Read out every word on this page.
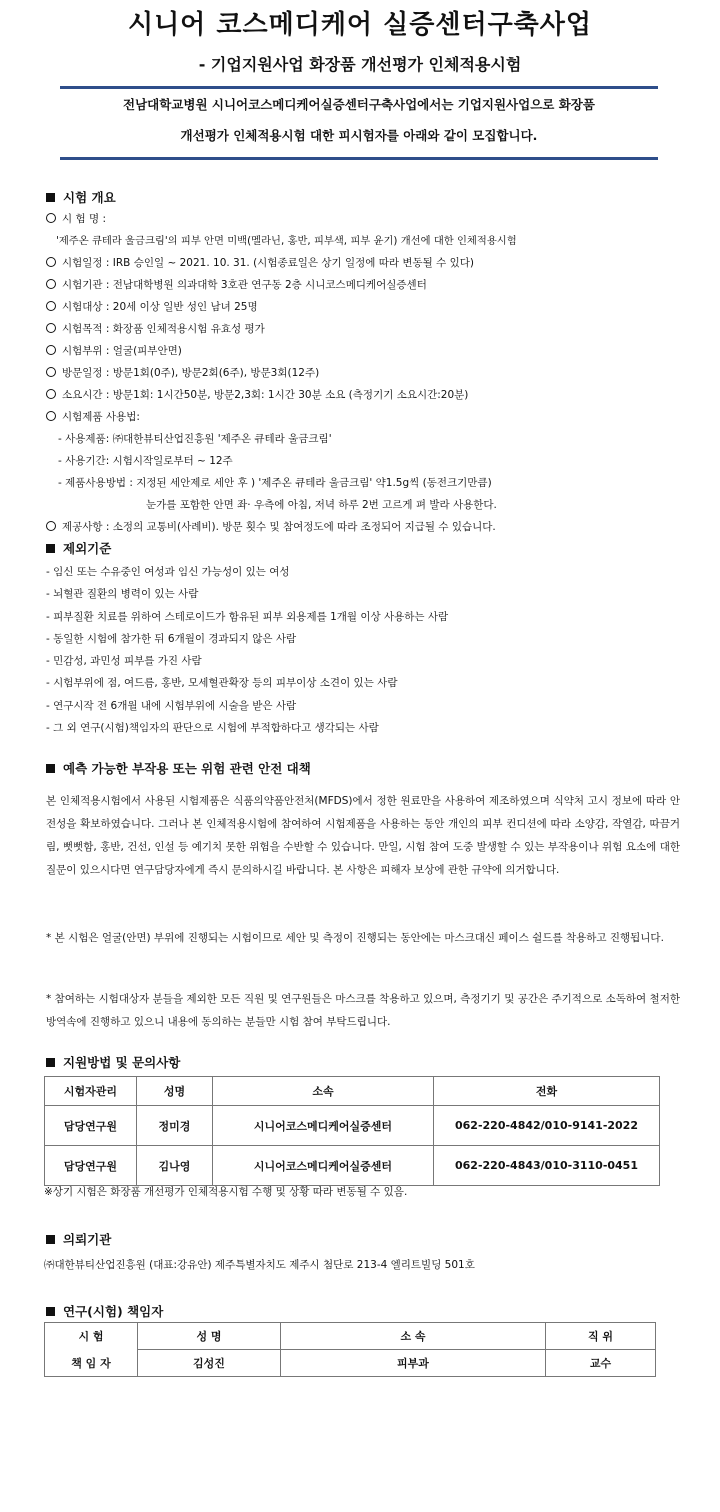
시니어 코스메디케어 실증센터구축사업
- 기업지원사업 화장품 개선평가 인체적용시험
전남대학교병원 시니어코스메디케어실증센터구축사업에서는 기업지원사업으로 화장품
개선평가 인체적용시험 대한 피시험자를 아래와 같이 모집합니다.
시험 개요
시 험 명 :
'제주온 큐테라 울금크림'의 피부 안면 미백(멜라닌, 홍반, 피부색, 피부 윤기) 개선에 대한 인체적용시험
시험일정 : IRB 승인일 ~ 2021. 10. 31. (시험종료일은 상기 일정에 따라 변동될 수 있다)
시험기관 : 전남대학병원 의과대학 3호관 연구동 2층 시니코스메디케어실증센터
시험대상 : 20세 이상 일반 성인 남녀 25명
시험목적 : 화장품 인체적용시험 유효성 평가
시험부위 : 얼굴(피부안면)
방문일정 : 방문1회(0주), 방문2회(6주), 방문3회(12주)
소요시간 : 방문1회: 1시간50분, 방문2,3회: 1시간 30분 소요 (측정기기 소요시간:20분)
시험제품 사용법:
- 사용제품: ㈜대한뷰티산업진흥원 '제주온 큐테라 울금크림'
- 사용기간: 시험시작일로부터 ~ 12주
- 제품사용방법 : 지정된 세안제로 세안 후 ) '제주온 큐테라 울금크림' 약1.5g씩 (동전크기만큼)
눈가를 포함한 안면 좌· 우측에 아침, 저녁 하루 2번 고르게 펴 발라 사용한다.
제공사항 : 소정의 교통비(사례비). 방문 횟수 및 참여정도에 따라 조정되어 지급될 수 있습니다.
제외기준
- 임신 또는 수유중인 여성과 임신 가능성이 있는 여성
- 뇌혈관 질환의 병력이 있는 사람
- 피부질환 치료를 위하여 스테로이드가 함유된 피부 외용제를 1개월 이상 사용하는 사람
- 동일한 시험에 참가한 뒤 6개월이 경과되지 않은 사람
- 민감성, 과민성 피부를 가진 사람
- 시험부위에 점, 여드름, 홍반, 모세혈관확장 등의 피부이상 소견이 있는 사람
- 연구시작 전 6개월 내에 시험부위에 시술을 받은 사람
- 그 외 연구(시험)책임자의 판단으로 시험에 부적합하다고 생각되는 사람
예측 가능한 부작용 또는 위험 관련 안전 대책
본 인체적용시험에서 사용된 시험제품은 식품의약품안전처(MFDS)에서 정한 원료만을 사용하여 제조하였으며 식약처 고시 정보에 따라 안전성을 확보하였습니다. 그러나 본 인체적용시험에 참여하여 시험제품을 사용하는 동안 개인의 피부 컨디션에 따라 소양감, 작열감, 따끔거림, 뻣뻣함, 홍반, 건선, 인설 등 예기치 못한 위험을 수반할 수 있습니다. 만일, 시험 참여 도중 발생할 수 있는 부작용이나 위험 요소에 대한 질문이 있으시다면 연구담당자에게 즉시 문의하시길 바랍니다. 본 사항은 피해자 보상에 관한 규약에 의거합니다.
* 본 시험은 얼굴(안면) 부위에 진행되는 시험이므로 세안 및 측정이 진행되는 동안에는 마스크대신 페이스 쉴드를 착용하고 진행됩니다.
* 참여하는 시험대상자 분들을 제외한 모든 직원 및 연구원들은 마스크를 착용하고 있으며, 측정기기 및 공간은 주기적으로 소독하여 철저한 방역속에 진행하고 있으니 내용에 동의하는 분들만 시험 참여 부탁드립니다.
지원방법 및 문의사항
시험자관리	성명	소속	전화
담당연구원	정미경	시니어코스메디케어실증센터	062-220-4842/010-9141-2022
담당연구원	김나영	시니어코스메디케어실증센터	062-220-4843/010-3110-0451
※상기 시험은 화장품 개선평가 인체적용시험 수행 및 상황 따라 변동될 수 있음.
의뢰기관
㈜대한뷰티산업진흥원 (대표:강유안) 제주특별자치도 제주시 첨단로 213-4 엘리트빌딩 501호
연구(시험) 책임자
시 험	성 명	소 속	직 위
책 임 자	김성진	피부과	교수
